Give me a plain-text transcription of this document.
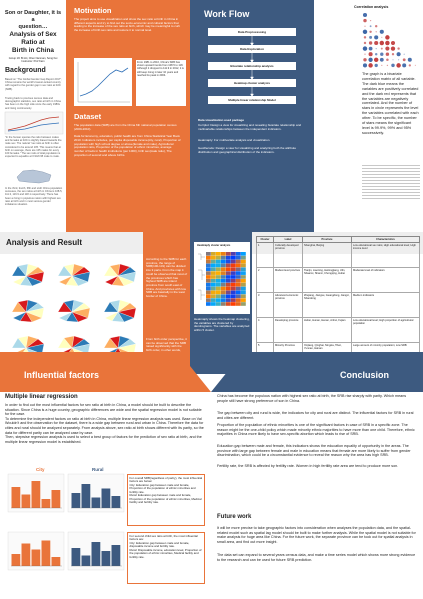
Son or Daughter, it is a
question…
Analysis of Sex Ratio at
Birth in China
Group 19: Bi Hn; Chen Nanman, Song Fei
Instructor: Prof Karn
Background
Based on "The Global Gender Gap Report 2017", China remains the world's lowest-ranked country with regard to the gender gap in sex ratio at birth (SRB).
Tracing back to previous census data and demographic statistics, sex ratio at birth in China has been on the high side since the early 1980s and rising continuously.
"In the human species the ratio between males and females at birth is slightly biased towards the male sex. The natural "sex ratio at birth is often considered to be around 105. This means that at birth on average, there are 105 males for every 100 females." The sex ratio of total population is expected to equalize at 0.94/0.95 male to male.
In the third, fourth, fifth and sixth China population censuses, the sex ratios at birth in China is 108.5, 111.3, 116.9 and 118.1 respectively. There has been a rising in populous nation with highest sex ratio at birth and in most serious gender imbalance situation.
Motivation
The project aims to use visualization and show the sex ratio at birth in China in different aspects and try to find out the socio-economic and cultural factors that leading to the increase of the sex ratio at birth, which may be meaningful to curb the increase of birth sex ratio and restore it to normal level.
From 1981 to 2010, China's SRB has shown upward trends from 108.5 to 118. Although it dropped to 111.9 in 2012, it is still keep rising in later 10 years and reached its peak in 2004.
Dataset
The population data (SRB) are from the China 6th national population census (2009-2010).

Data for Economy, education, public health are from China Statistical Year Book 2010. Indicators includes, per capita disposable income(city, rural), Proportion of population with high school degree or above(female and male), Agricultural population ratio, Proportion of the population of ethnic minorities, average number of beds in health institutions (per 1000), birth sex(male ratio), The proportion of second and above births.
Work Flow
Data Preprocessing
Data Exploration
Bivariate relationship analysis
Heatmap cluster analysis
Multiple linear relationship Model
Data visualization used package
Corrplot: Design a view for visualizing and revealing bivariate relationship and multivariable relationships between the independent indicators.
Heatmaply: For multivariate analysis and visualization.
GeoRecode: Design a view for visualizing and analyzing both the attribute distribution and geographical distribution of the indicators.
Correlation analysis
The graph is a bivariate correlation matrix of all variable. The dark blue means the variables are positively correlated and the dark red represents that the variables are negatively correlated. And the number of stars in circle represents the level the variables correlated with each other. To be specific, the number of stars means the significant level is 99.9%, 99% and 95% successively.
Analysis and Result
According to the SRB for each province, the range of SRB(100-131) can be divided into 3 parts. From the map it could be observed that most of the provinces which has highest SRB are inland province from south east of China. And provinces with low SRB are basically in the west border of China.
From birth order perspective, it can be observed that the SRB raised significantly with the birth order, in other words,
Heatmaply cluster analysis
Heatmaply shows the heatmap clustering, the variables are clustered by dendrograms. The variables are analyzed within 5 cluster.
Cluster	Label	Province	Characteristics
1	Culturally developed province	Shanghai, Beijing	Low educational sex ratio; High educational level; High income level
2	Modest level province	Tianjin, Liaoning, Heilongjiang, Jilin, Shaanxi, Shanxi, Chongqing, Hubei	Moderate level of indicators
3	Advanced economic province	Zhejiang, Jiangsu, Guangdong, Jiangxi, Shandong	Medium indicators
4	Developing province	Hubei, Hunan, Henan, Anhui, Fujian	Low educational level; High proportion of agricultural population
5	Minority Province	Xinjiang, Qinghai, Ningxia, Tibet, Yunnan, Hainan	Large amount of minority population; Low SRB
Influential factors	Conclusion
Multiple linear regression
In order to find out the most influential factors for sex ratio at birth in China, a model should be built to describe the situation. Since China is a huge country, geographic differences are wide and the spatial regression model is not suitable for the case.
To determine the independent factors on ratio at birth in China, multiple linear regression analysis was used. Base on Val Wouldn't and the observation for the dataset, there is a wide gap between rural and urban in China. Therefore the data for cities and rural should be analyzed separately. From analysis above, sex ratio at birth shows different with its parity, so the data for different parity can be analyzed case by case.
Then, stepwise regression analysis is used to select a best group of factors for the prediction of sex ratio at birth, and the multiple linear regression model is established.
City	Rural
For overall SRB(regardless of parity), the most influential factors are below:
City: Education gap between male and female, Proportion of the population of ethnic minorities and fertility rate.
Rural: Education gap between male and female, Proportion of the population of ethnic minorities, Medical facility and fertility rate.
For second child sex ratio at birth, the most influential factors are:
City: Education gap between male and female, disposable income and fertility rate.
Rural: Disposable income, education level, Proportion of the population of ethnic minorities, Medical facility and fertility rate.
China has become the populous nation with highest sex ratio at birth, the SRB rise sharply with parity. Which means people still have strong preference of son in China.
The gap between city and rural is wide, the indicators for city and rural are distinct. The influential factors for SRB in rural and cities are different.
Proportion of the population of ethnic minorities is one of the significant factors in case of SRB in a specific zone. The reason might be the one-child policy which made minority ethnic majorities to have more than one child. Therefore, ethnic majorities in China more likely to have sex-specific abortion which leads to rise of SRB.
Education gap between male and female, this indicators shows the education equality of opportunity in the areas. The province with large gap between female and male in education means that female are more likely to suffer from gender discrimination, which could be a circumstantial evidence to reveal the reason why the area has high SRB.
Fertility rate, the SRB is affected by fertility rate. Women in high fertility rate area are tend to produce more son.
Future work
It will be more precise to take geographic factors into consideration when analyses the population data, and the spatial-related model such as spatial lag model should be built to make further analysis. While the spatial model is not suitable for make analysis for huge area like China. For the future work, the separate province can be took out for spatial analysis in small area, and find out more insight.
The data set can expand to several years census data, and make a time series model which shows more strong evidence to the research and can be used for future SRB prediction.
